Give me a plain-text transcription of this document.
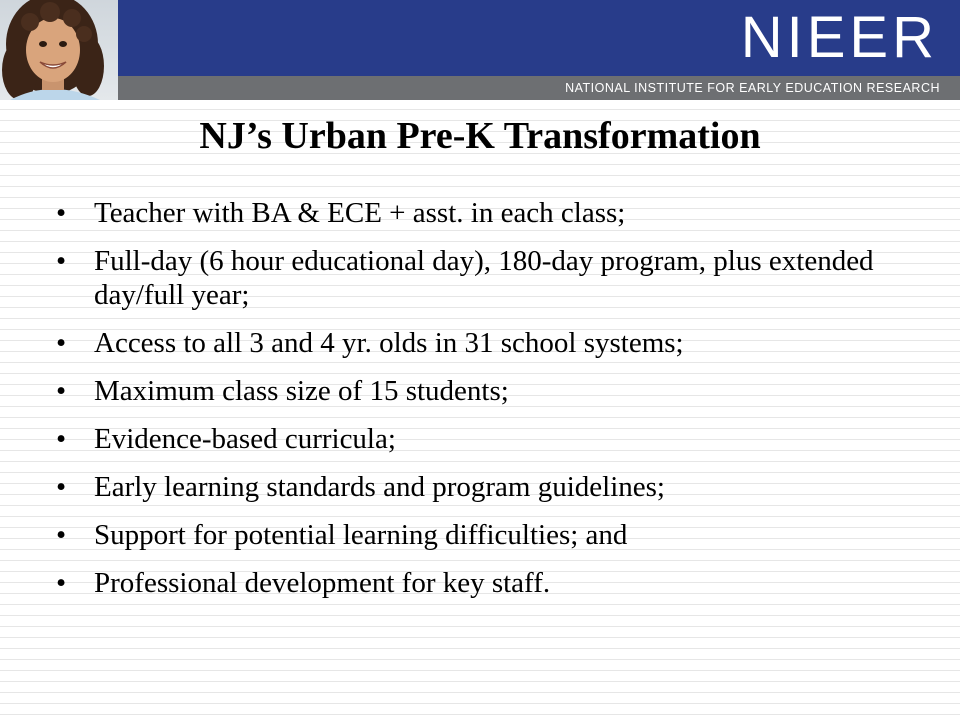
NIEER
NATIONAL INSTITUTE FOR EARLY EDUCATION RESEARCH
NJ’s Urban Pre-K Transformation
• Teacher with BA & ECE + asst. in each class;
• Full-day (6 hour educational day), 180-day program, plus extended day/full year;
• Access to all 3 and 4 yr. olds in 31 school systems;
• Maximum class size of 15 students;
• Evidence-based curricula;
• Early learning standards and program guidelines;
• Support for potential learning difficulties; and
• Professional development for key staff.
